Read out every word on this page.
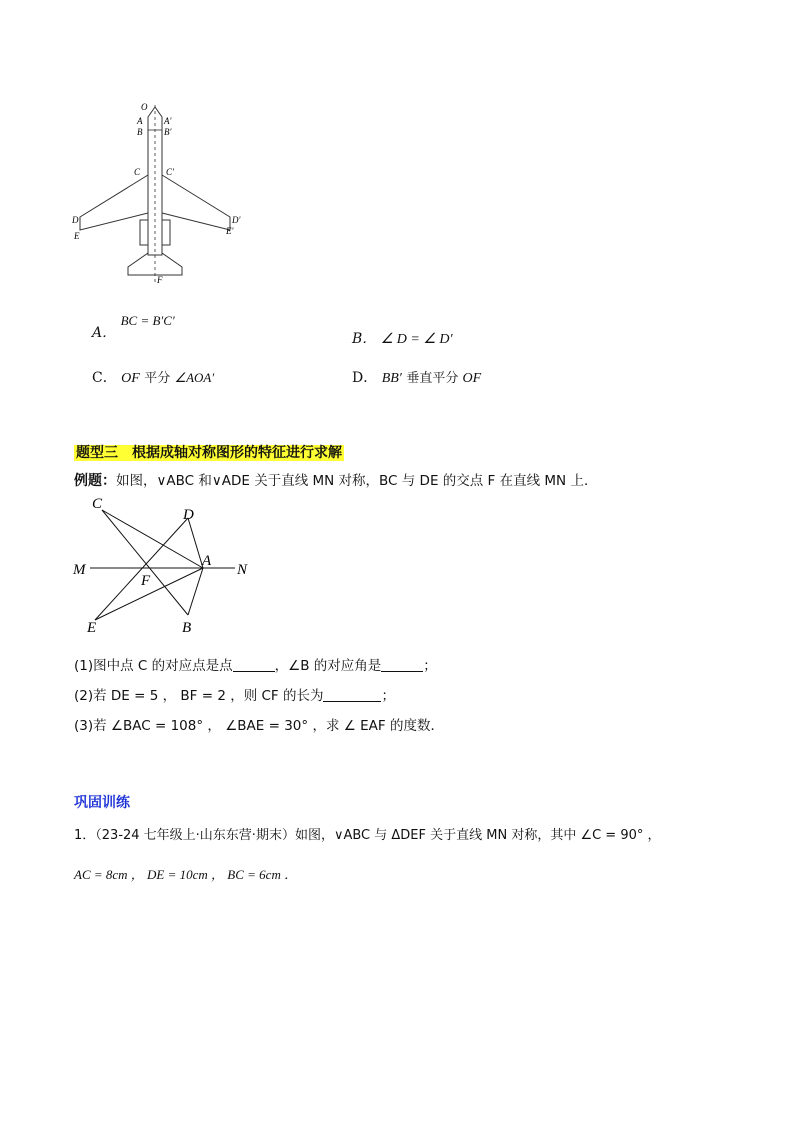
O
A A'
B B'
C	C'
D	D'
E	E'
F
A． BC = B′C′
B． ∠ D = ∠ D′
C． OF 平分 ∠AOA′	D． BB′ 垂直平分 OF
题型三　根据成轴对称图形的特征进行求解
例题：如图，∨ABC 和∨ADE 关于直线 MN 对称，BC 与 DE 的交点 F 在直线 MN 上．
C
D
M
A
N
F
E	B
(1)图中点 C 的对应点是点	，∠B 的对应角是	；
(2)若 DE = 5 ， BF = 2 ，则 CF 的长为	；
(3)若 ∠BAC = 108° ， ∠BAE = 30° ，求 ∠ EAF 的度数．
巩固训练
1．（23-24 七年级上·山东东营·期末）如图，∨ABC 与 ΔDEF 关于直线 MN 对称，其中 ∠C = 90° ，
AC = 8cm ， DE = 10cm ， BC = 6cm ．
